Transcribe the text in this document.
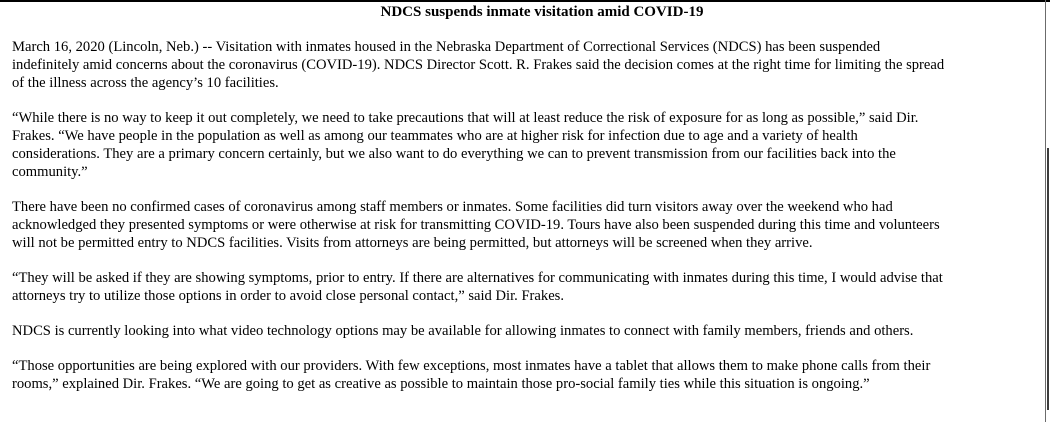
NDCS suspends inmate visitation amid COVID-19

March 16, 2020 (Lincoln, Neb.) -- Visitation with inmates housed in the Nebraska Department of Correctional Services (NDCS) has been suspended
indefinitely amid concerns about the coronavirus (COVID-19). NDCS Director Scott. R. Frakes said the decision comes at the right time for limiting the spread
of the illness across the agency’s 10 facilities.

“While there is no way to keep it out completely, we need to take precautions that will at least reduce the risk of exposure for as long as possible,” said Dir.
Frakes. “We have people in the population as well as among our teammates who are at higher risk for infection due to age and a variety of health
considerations. They are a primary concern certainly, but we also want to do everything we can to prevent transmission from our facilities back into the
community.”

There have been no confirmed cases of coronavirus among staff members or inmates. Some facilities did turn visitors away over the weekend who had
acknowledged they presented symptoms or were otherwise at risk for transmitting COVID-19. Tours have also been suspended during this time and volunteers
will not be permitted entry to NDCS facilities. Visits from attorneys are being permitted, but attorneys will be screened when they arrive.

“They will be asked if they are showing symptoms, prior to entry. If there are alternatives for communicating with inmates during this time, I would advise that
attorneys try to utilize those options in order to avoid close personal contact,” said Dir. Frakes.

NDCS is currently looking into what video technology options may be available for allowing inmates to connect with family members, friends and others.

“Those opportunities are being explored with our providers. With few exceptions, most inmates have a tablet that allows them to make phone calls from their
rooms,” explained Dir. Frakes. “We are going to get as creative as possible to maintain those pro-social family ties while this situation is ongoing.”
